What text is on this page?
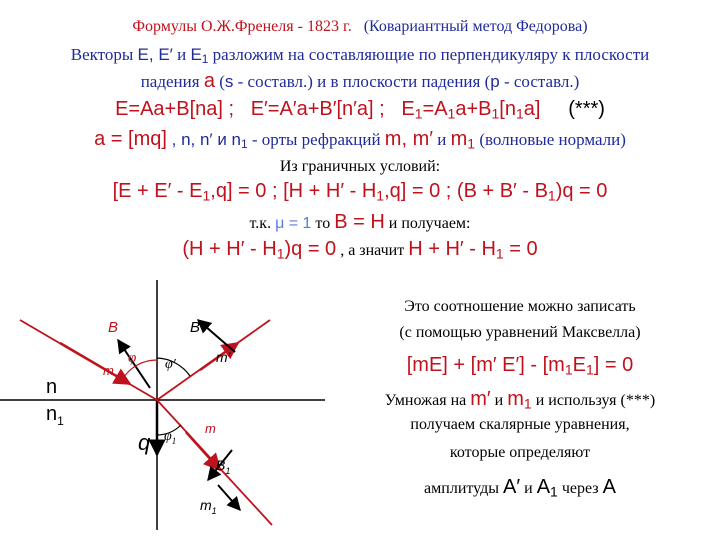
Формулы О.Ж.Френеля - 1823 г. (Ковариантный метод Федорова)
Векторы E, E′ и $E_1$ разложим на составляющие по перпендикуляру к плоскости
падения a (s - составл.) и в плоскости падения (p - составл.)
E=Aa+B[na] ; E′=A′a+B′[n′a] ; $E_1=A_1a+B_1[n_1a]$ (***)
a = [mq] , n, n′ и $n_1$ - орты рефракций m, m′ и $m_1$ (волновые нормали)
Из граничных условий:
$[E + E' - E_1,q] = 0$ ; $[H + H' - H_1,q] = 0$ ; $(B + B' - B_1)q = 0$
т.к. μ = 1 то B = H и получаем:
$(H + H' - H_1)q = 0$ , а значит $H + H' - H_1 = 0$
Это соотношение можно записать
(с помощью уравнений Максвелла)
[mE] + [m′ $E'] - [m_1E_1] = 0$
Умножая на m′ и $m_1$ и используя (***)
получаем скалярные уравнения,
которые определяют
амплитуды A′ и $A_1$ через A
B
φ
m	φ′
B′
m′
n
$n_1$
q $\varphi_1$
m
$B_1$
$m_1$
